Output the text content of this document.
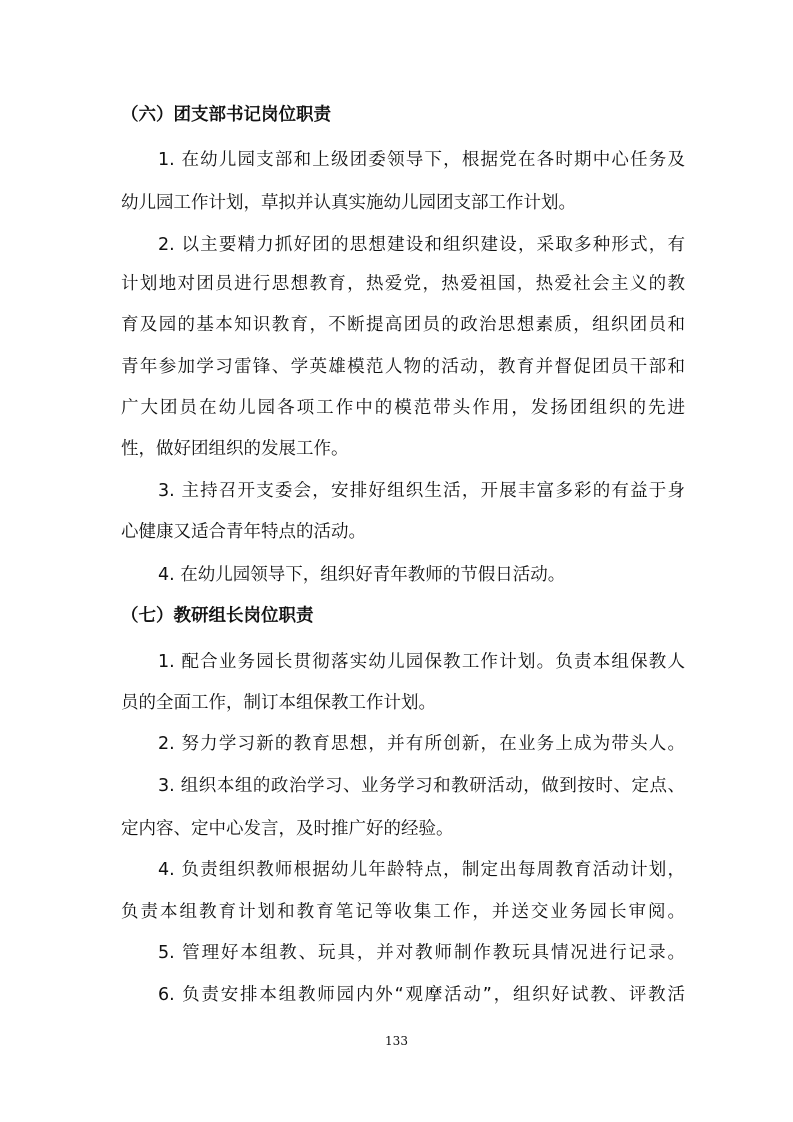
（六）团支部书记岗位职责
1. 在幼儿园支部和上级团委领导下，根据党在各时期中心任务及
幼儿园工作计划，草拟并认真实施幼儿园团支部工作计划。
2. 以主要精力抓好团的思想建设和组织建设，采取多种形式，有
计划地对团员进行思想教育，热爱党，热爱祖国，热爱社会主义的教
育及园的基本知识教育，不断提高团员的政治思想素质，组织团员和
青年参加学习雷锋、学英雄模范人物的活动，教育并督促团员干部和
广大团员在幼儿园各项工作中的模范带头作用，发扬团组织的先进
性，做好团组织的发展工作。
3. 主持召开支委会，安排好组织生活，开展丰富多彩的有益于身
心健康又适合青年特点的活动。
4. 在幼儿园领导下，组织好青年教师的节假日活动。
（七）教研组长岗位职责
1. 配合业务园长贯彻落实幼儿园保教工作计划。负责本组保教人
员的全面工作，制订本组保教工作计划。
2. 努力学习新的教育思想，并有所创新，在业务上成为带头人。
3. 组织本组的政治学习、业务学习和教研活动，做到按时、定点、
定内容、定中心发言，及时推广好的经验。
4. 负责组织教师根据幼儿年龄特点，制定出每周教育活动计划，
负责本组教育计划和教育笔记等收集工作，并送交业务园长审阅。
5. 管理好本组教、玩具，并对教师制作教玩具情况进行记录。
6. 负责安排本组教师园内外“观摩活动”，组织好试教、评教活
133
